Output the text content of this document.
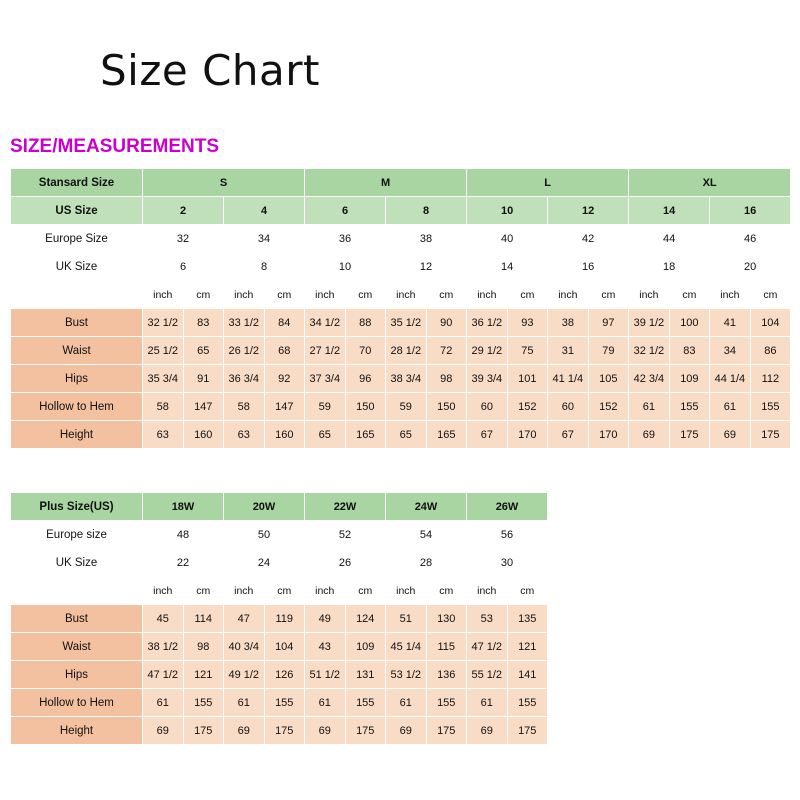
Size Chart
SIZE/MEASUREMENTS
Stansard Size	S				M				L				XL			
US Size	2		4		6		8		10		12		14		16	
Europe Size	32		34		36		38		40		42		44		46	
UK Size	6		8		10		12		14		16		18		20	
	inch	cm	inch	cm	inch	cm	inch	cm	inch	cm	inch	cm	inch	cm	inch	cm
Bust	32 1/2	83	33 1/2	84	34 1/2	88	35 1/2	90	36 1/2	93	38	97	39 1/2	100	41	104
Waist	25 1/2	65	26 1/2	68	27 1/2	70	28 1/2	72	29 1/2	75	31	79	32 1/2	83	34	86
Hips	35 3/4	91	36 3/4	92	37 3/4	96	38 3/4	98	39 3/4	101	41 1/4	105	42 3/4	109	44 1/4	112
Hollow to Hem	58	147	58	147	59	150	59	150	60	152	60	152	61	155	61	155
Height	63	160	63	160	65	165	65	165	67	170	67	170	69	175	69	175
Plus Size(US)	18W		20W		22W		24W		26W		
Europe size	48		50		52		54		56		
UK Size	22		24		26		28		30		
	inch	cm	inch	cm	inch	cm	inch	cm	inch	cm	
Bust	45	114	47	119	49	124	51	130	53	135	
Waist	38 1/2	98	40 3/4	104	43	109	45 1/4	115	47 1/2	121	
Hips	47 1/2	121	49 1/2	126	51 1/2	131	53 1/2	136	55 1/2	141	
Hollow to Hem	61	155	61	155	61	155	61	155	61	155	
Height	69	175	69	175	69	175	69	175	69	175	
